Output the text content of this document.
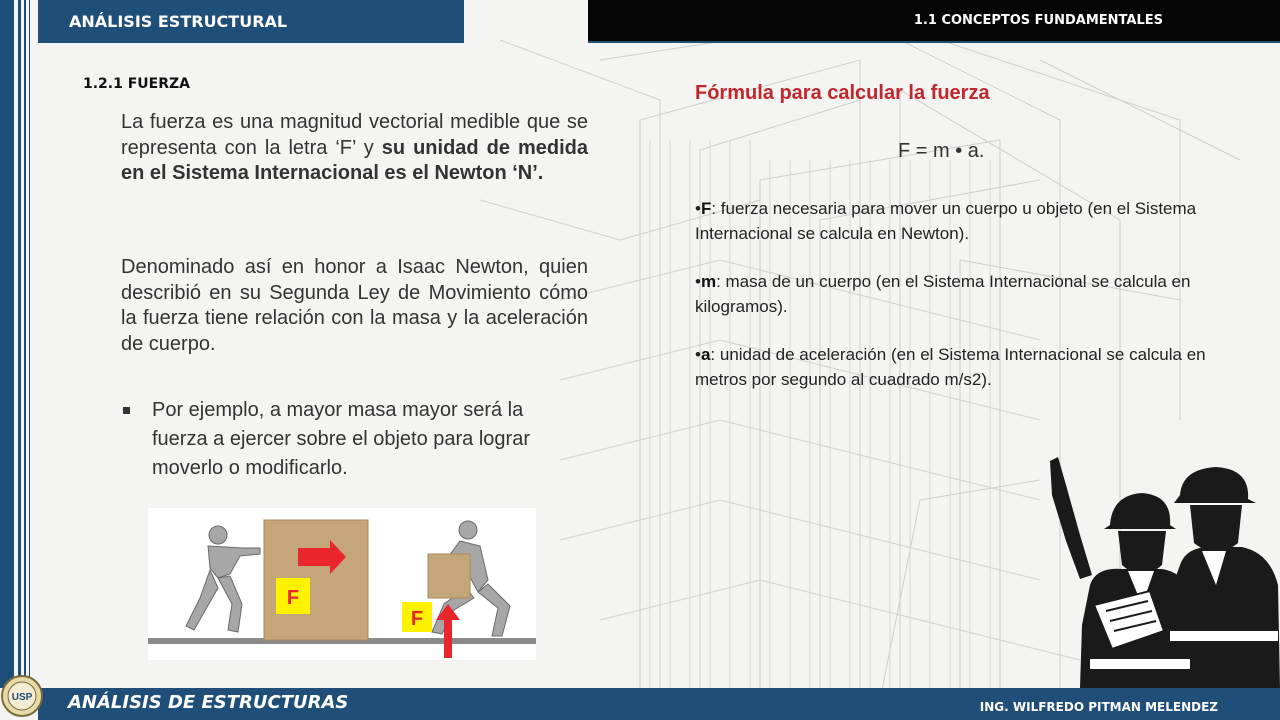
ANÁLISIS ESTRUCTURAL	1.1 CONCEPTOS FUNDAMENTALES
1.2.1 FUERZA
La fuerza es una magnitud vectorial medible que se representa con la letra ‘F’ y su unidad de medida en el Sistema Internacional es el Newton ‘N’.
Denominado así en honor a Isaac Newton, quien describió en su Segunda Ley de Movimiento cómo la fuerza tiene relación con la masa y la aceleración de cuerpo.
Por ejemplo, a mayor masa mayor será la fuerza a ejercer sobre el objeto para lograr moverlo o modificarlo.
F
F
Fórmula para calcular la fuerza
F = m • a.
•F: fuerza necesaria para mover un cuerpo u objeto (en el Sistema Internacional se calcula en Newton).
•m: masa de un cuerpo (en el Sistema Internacional se calcula en kilogramos).
•a: unidad de aceleración (en el Sistema Internacional se calcula en metros por segundo al cuadrado m/s2).
ANÁLISIS DE ESTRUCTURAS	ING. WILFREDO PITMAN MELENDEZ
USP
